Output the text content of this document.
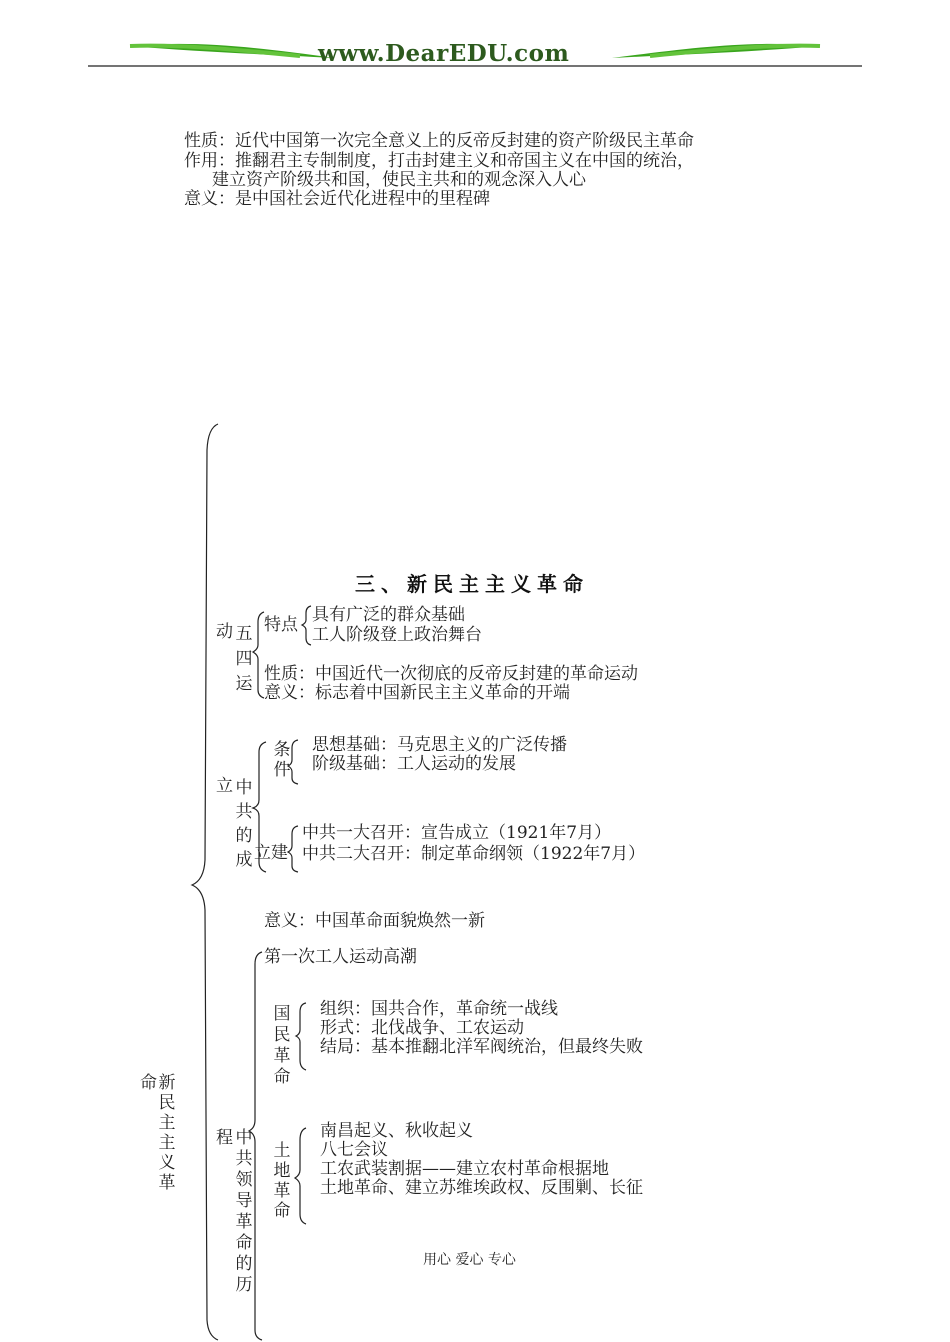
www.DearEDU.com
性质：近代中国第一次完全意义上的反帝反封建的资产阶级民主革命
作用：推翻君主专制制度，打击封建主义和帝国主义在中国的统治，
建立资产阶级共和国，使民主共和的观念深入人心
意义：是中国社会近代化进程中的里程碑
三、新民主主义革命
命 新民主主义革
动 五四运
特点 具有广泛的群众基础
工人阶级登上政治舞台
性质：中国近代一次彻底的反帝反封建的革命运动
意义：标志着中国新民主主义革命的开端
立 中共的成
条件
思想基础：马克思主义的广泛传播
阶级基础：工人运动的发展
立建
中共一大召开：宣告成立（1921年7月）
中共二大召开：制定革命纲领（1922年7月）
意义：中国革命面貌焕然一新
程 中共领导革命的历
第一次工人运动高潮
国民革命
组织：国共合作，革命统一战线
形式：北伐战争、工农运动
结局：基本推翻北洋军阀统治，但最终失败
土地革命
南昌起义、秋收起义
八七会议
工农武装割据——建立农村革命根据地
土地革命、建立苏维埃政权、反围剿、长征
用心 爱心 专心
